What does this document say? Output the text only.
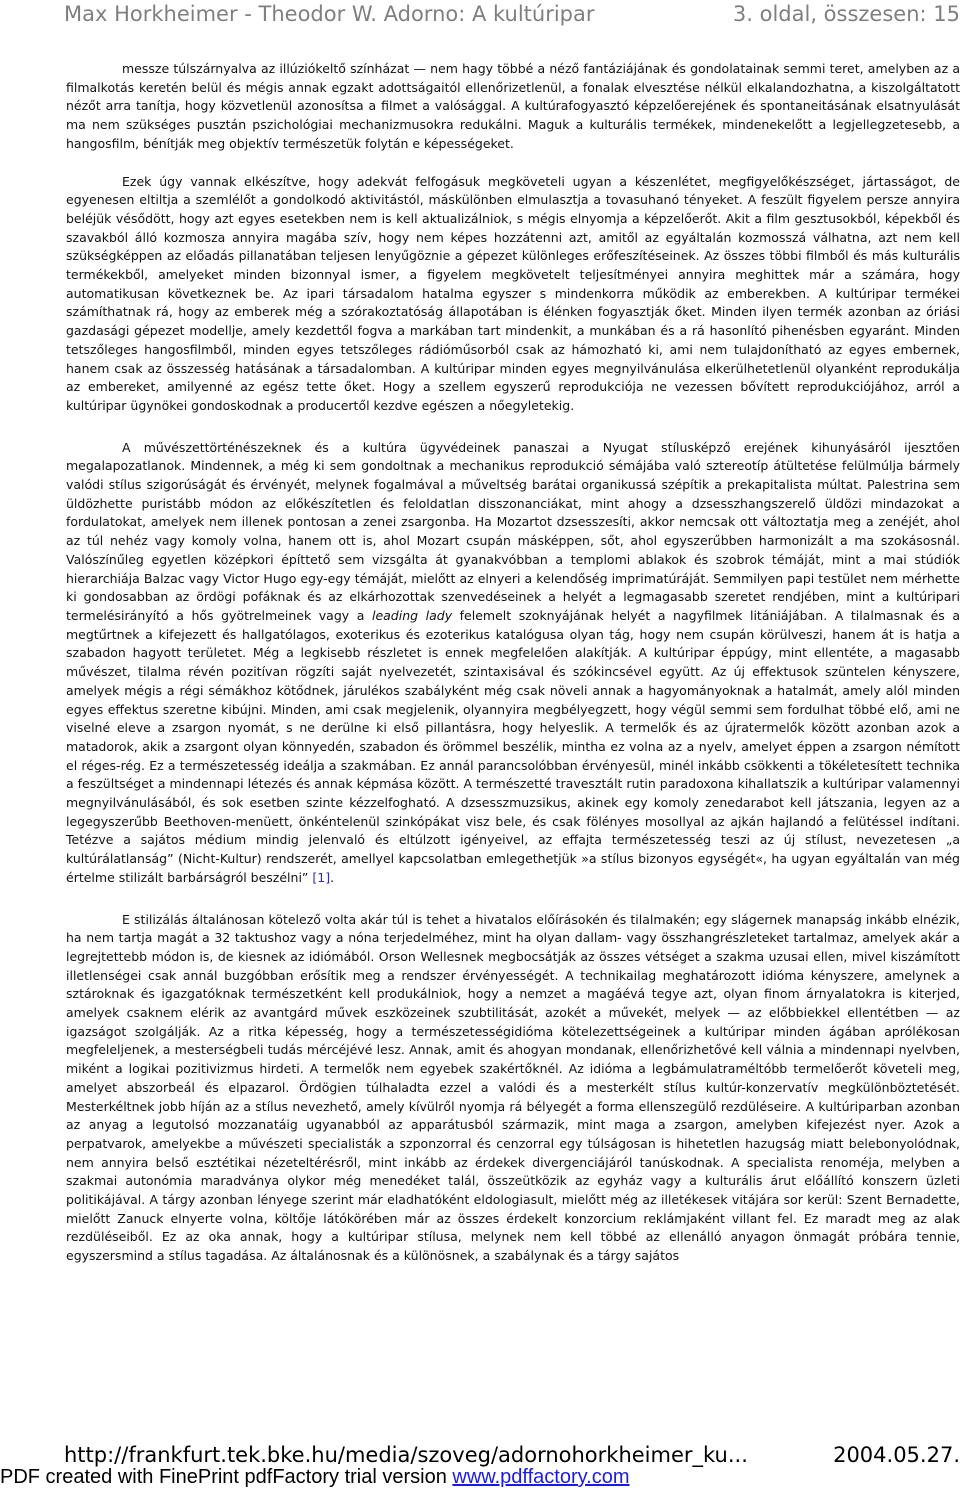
Max Horkheimer - Theodor W. Adorno: A kultúripar	3. oldal, összesen: 15

messze túlszárnyalva az illúziókeltő színházat — nem hagy többé a néző fantáziájának és gondolatainak semmi teret, amelyben az a filmalkotás keretén belül és mégis annak egzakt adottságaitól ellenőrizetlenül, a fonalak elvesztése nélkül elkalandozhatna, a kiszolgáltatott nézőt arra tanítja, hogy közvetlenül azonosítsa a filmet a valósággal. A kultúrafogyasztó képzelőerejének és spontaneitásának elsatnyulását ma nem szükséges pusztán pszichológiai mechanizmusokra redukálni. Maguk a kulturális termékek, mindenekelőtt a legjellegzetesebb, a hangosfilm, bénítják meg objektív természetük folytán e képességeket.

Ezek úgy vannak elkészítve, hogy adekvát felfogásuk megköveteli ugyan a készenlétet, megfigyelőkészséget, jártasságot, de egyenesen eltiltja a szemlélőt a gondolkodó aktivitástól, máskülönben elmulasztja a tovasuhanó tényeket. A feszült figyelem persze annyira beléjük vésődött, hogy azt egyes esetekben nem is kell aktualizálniok, s mégis elnyomja a képzelőerőt. Akit a film gesztusokból, képekből és szavakból álló kozmosza annyira magába szív, hogy nem képes hozzátenni azt, amitől az egyáltalán kozmosszá válhatna, azt nem kell szükségképpen az előadás pillanatában teljesen lenyűgöznie a gépezet különleges erőfeszítéseinek. Az összes többi filmből és más kulturális termékekből, amelyeket minden bizonnyal ismer, a figyelem megkövetelt teljesítményei annyira meghittek már a számára, hogy automatikusan következnek be. Az ipari társadalom hatalma egyszer s mindenkorra működik az emberekben. A kultúripar termékei számíthatnak rá, hogy az emberek még a szórakoztatóság állapotában is élénken fogyasztják őket. Minden ilyen termék azonban az óriási gazdasági gépezet modellje, amely kezdettől fogva a markában tart mindenkit, a munkában és a rá hasonlító pihenésben egyaránt. Minden tetszőleges hangosfilmből, minden egyes tetszőleges rádióműsorból csak az hámozható ki, ami nem tulajdonítható az egyes embernek, hanem csak az összesség hatásának a társadalomban. A kultúripar minden egyes megnyilvánulása elkerülhetetlenül olyanként reprodukálja az embereket, amilyenné az egész tette őket. Hogy a szellem egyszerű reprodukciója ne vezessen bővített reprodukciójához, arról a kultúripar ügynökei gondoskodnak a producertől kezdve egészen a nőegyletekig.

A művészettörténészeknek és a kultúra ügyvédeinek panaszai a Nyugat stílusképző erejének kihunyásáról ijesztően megalapozatlanok. Mindennek, a még ki sem gondoltnak a mechanikus reprodukció sémájába való sztereotíp átültetése felülmúlja bármely valódi stílus szigorúságát és érvényét, melynek fogalmával a műveltség barátai organikussá szépítik a prekapitalista múltat. Palestrina sem üldözhette puristább módon az előkészítetlen és feloldatlan disszonanciákat, mint ahogy a dzsesszhangszerelő üldözi mindazokat a fordulatokat, amelyek nem illenek pontosan a zenei zsargonba. Ha Mozartot dzsesszesíti, akkor nemcsak ott változtatja meg a zenéjét, ahol az túl nehéz vagy komoly volna, hanem ott is, ahol Mozart csupán másképpen, sőt, ahol egyszerűbben harmonizált a ma szokásosnál. Valószínűleg egyetlen középkori építtető sem vizsgálta át gyanakvóbban a templomi ablakok és szobrok témáját, mint a mai stúdiók hierarchiája Balzac vagy Victor Hugo egy-egy témáját, mielőtt az elnyeri a kelendőség imprimatúráját. Semmilyen papi testület nem mérhette ki gondosabban az ördögi pofáknak és az elkárhozottak szenvedéseinek a helyét a legmagasabb szeretet rendjében, mint a kultúripari termelésirányító a hős gyötrelmeinek vagy a leading lady felemelt szoknyájának helyét a nagyfilmek litániájában. A tilalmasnak és a megtűrtnek a kifejezett és hallgatólagos, exoterikus és ezoterikus katalógusa olyan tág, hogy nem csupán körülveszi, hanem át is hatja a szabadon hagyott területet. Még a legkisebb részletet is ennek megfelelően alakítják. A kultúripar éppúgy, mint ellentéte, a magasabb művészet, tilalma révén pozitívan rögzíti saját nyelvezetét, szintaxisával és szókincsével együtt. Az új effektusok szüntelen kényszere, amelyek mégis a régi sémákhoz kötődnek, járulékos szabályként még csak növeli annak a hagyományoknak a hatalmát, amely alól minden egyes effektus szeretne kibújni. Minden, ami csak megjelenik, olyannyira megbélyegzett, hogy végül semmi sem fordulhat többé elő, ami ne viselné eleve a zsargon nyomát, s ne derülne ki első pillantásra, hogy helyeslik. A termelők és az újratermelők között azonban azok a matadorok, akik a zsargont olyan könnyedén, szabadon és örömmel beszélik, mintha ez volna az a nyelv, amelyet éppen a zsargon némított el réges-rég. Ez a természetesség ideálja a szakmában. Ez annál parancsolóbban érvényesül, minél inkább csökkenti a tökéletesített technika a feszültséget a mindennapi létezés és annak képmása között. A természetté travesztált rutin paradoxona kihallatszik a kultúripar valamennyi megnyilvánulásából, és sok esetben szinte kézzelfogható. A dzsesszmuzsikus, akinek egy komoly zenedarabot kell játszania, legyen az a legegyszerűbb Beethoven-menüett, önkéntelenül szinkópákat visz bele, és csak fölényes mosollyal az ajkán hajlandó a felütéssel indítani. Tetézve a sajátos médium mindig jelenvaló és eltúlzott igényeivel, az effajta természetesség teszi az új stílust, nevezetesen „a kultúrálatlanság” (Nicht-Kultur) rendszerét, amellyel kapcsolatban emlegethetjük »a stílus bizonyos egységét«, ha ugyan egyáltalán van még értelme stilizált barbárságról beszélni” [1].

E stilizálás általánosan kötelező volta akár túl is tehet a hivatalos előírásokén és tilalmakén; egy slágernek manapság inkább elnézik, ha nem tartja magát a 32 taktushoz vagy a nóna terjedelméhez, mint ha olyan dallam- vagy összhangrészleteket tartalmaz, amelyek akár a legrejtettebb módon is, de kiesnek az idiómából. Orson Wellesnek megbocsátják az összes vétséget a szakma uzusai ellen, mivel kiszámított illetlenségei csak annál buzgóbban erősítik meg a rendszer érvényességét. A technikailag meghatározott idióma kényszere, amelynek a sztároknak és igazgatóknak természetként kell produkálniok, hogy a nemzet a magáévá tegye azt, olyan finom árnyalatokra is kiterjed, amelyek csaknem elérik az avantgárd művek eszközeinek szubtilitását, azokét a művekét, melyek — az előbbiekkel ellentétben — az igazságot szolgálják. Az a ritka képesség, hogy a természetességidióma kötelezettségeinek a kultúripar minden ágában aprólékosan megfeleljenek, a mesterségbeli tudás mércéjévé lesz. Annak, amit és ahogyan mondanak, ellenőrizhetővé kell válnia a mindennapi nyelvben, miként a logikai pozitivizmus hirdeti. A termelők nem egyebek szakértőknél. Az idióma a legbámulatraméltóbb termelőerőt követeli meg, amelyet abszorbeál és elpazarol. Ördögien túlhaladta ezzel a valódi és a mesterkélt stílus kultúr-konzervatív megkülönböztetését. Mesterkéltnek jobb híján az a stílus nevezhető, amely kívülről nyomja rá bélyegét a forma ellenszegülő rezdüléseire. A kultúriparban azonban az anyag a legutolsó mozzanatáig ugyanabból az apparátusból származik, mint maga a zsargon, amelyben kifejezést nyer. Azok a perpatvarok, amelyekbe a művészeti specialisták a szponzorral és cenzorral egy túlságosan is hihetetlen hazugság miatt belebonyolódnak, nem annyira belső esztétikai nézeteltérésről, mint inkább az érdekek divergenciájáról tanúskodnak. A specialista renoméja, melyben a szakmai autonómia maradványa olykor még menedéket talál, összeütközik az egyház vagy a kulturális árut előállító konszern üzleti politikájával. A tárgy azonban lényege szerint már eladhatóként eldologiasult, mielőtt még az illetékesek vitájára sor kerül: Szent Bernadette, mielőtt Zanuck elnyerte volna, költője látókörében már az összes érdekelt konzorcium reklámjaként villant fel. Ez maradt meg az alak rezdüléseiből. Ez az oka annak, hogy a kultúripar stílusa, melynek nem kell többé az ellenálló anyagon önmagát próbára tennie, egyszersmind a stílus tagadása. Az általánosnak és a különösnek, a szabálynak és a tárgy sajátos

http://frankfurt.tek.bke.hu/media/szoveg/adornohorkheimer_ku...	2004.05.27.
PDF created with FinePrint pdfFactory trial version www.pdffactory.com
